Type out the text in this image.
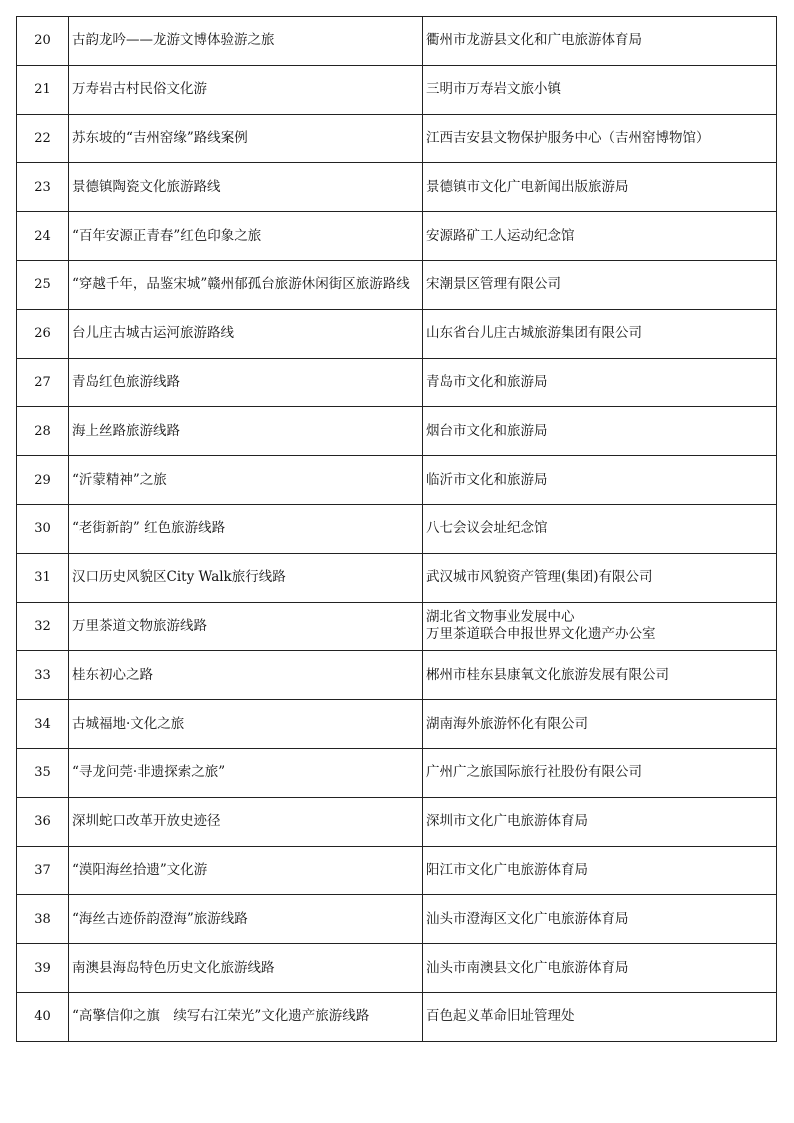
20	古韵龙吟——龙游文博体验游之旅	衢州市龙游县文化和广电旅游体育局

21	万寿岩古村民俗文化游	三明市万寿岩文旅小镇

22	苏东坡的“吉州窑缘”路线案例	江西吉安县文物保护服务中心（吉州窑博物馆）

23	景德镇陶瓷文化旅游路线	景德镇市文化广电新闻出版旅游局

24	“百年安源正青春”红色印象之旅	安源路矿工人运动纪念馆

25	“穿越千年，品鉴宋城”赣州郁孤台旅游休闲街区旅游路线	宋潮景区管理有限公司

26	台儿庄古城古运河旅游路线	山东省台儿庄古城旅游集团有限公司

27	青岛红色旅游线路	青岛市文化和旅游局

28	海上丝路旅游线路	烟台市文化和旅游局

29	“沂蒙精神”之旅	临沂市文化和旅游局

30	“老街新韵” 红色旅游线路	八七会议会址纪念馆

31	汉口历史风貌区City Walk旅行线路	武汉城市风貌资产管理(集团)有限公司

32	万里茶道文物旅游线路	湖北省文物事业发展中心
万里茶道联合申报世界文化遗产办公室

33	桂东初心之路	郴州市桂东县康氧文化旅游发展有限公司

34	古城福地·文化之旅	湖南海外旅游怀化有限公司

35	“寻龙问莞·非遗探索之旅”	广州广之旅国际旅行社股份有限公司

36	深圳蛇口改革开放史迹径	深圳市文化广电旅游体育局

37	“漠阳海丝拾遗”文化游	阳江市文化广电旅游体育局

38	“海丝古迹侨韵澄海”旅游线路	汕头市澄海区文化广电旅游体育局

39	南澳县海岛特色历史文化旅游线路	汕头市南澳县文化广电旅游体育局

40	“高擎信仰之旗　续写右江荣光”文化遗产旅游线路	百色起义革命旧址管理处
